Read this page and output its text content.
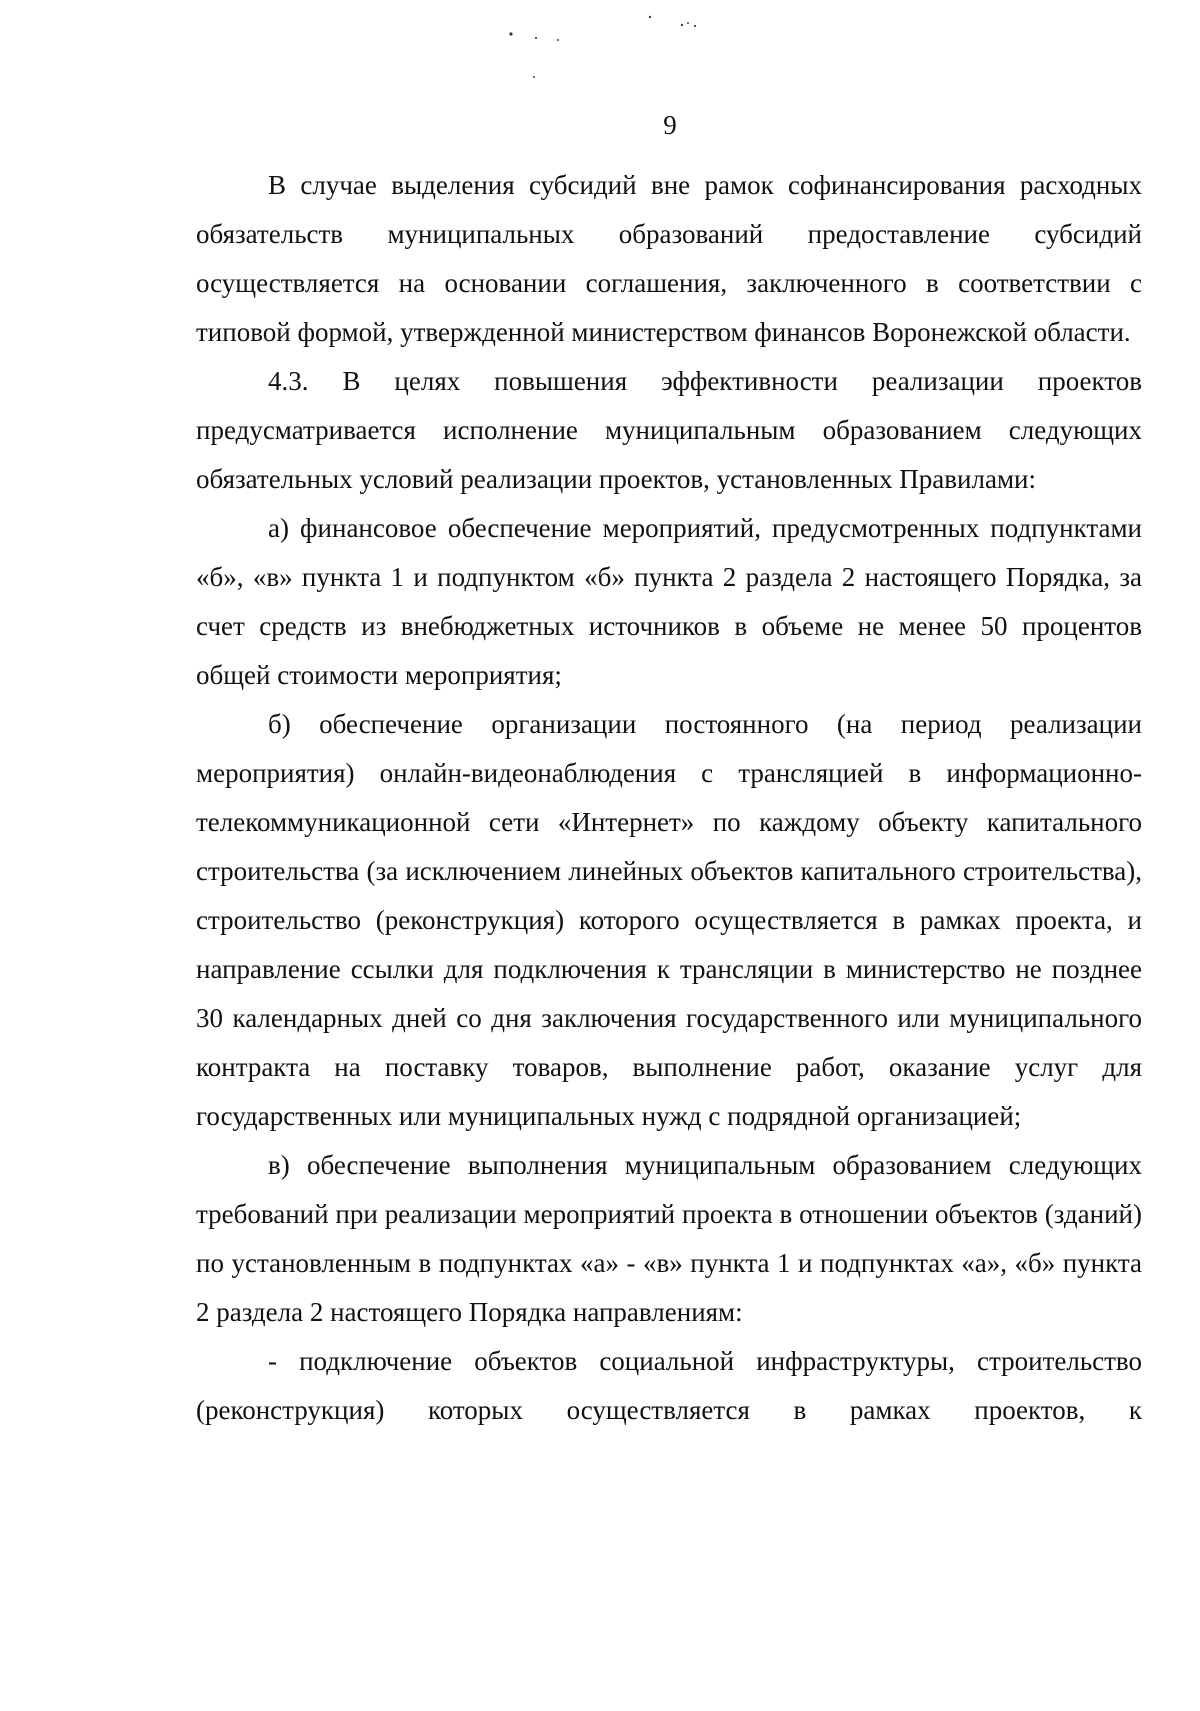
9

В случае выделения субсидий вне рамок софинансирования расходных обязательств муниципальных образований предоставление субсидий осуществляется на основании соглашения, заключенного в соответствии с типовой формой, утвержденной министерством финансов Воронежской области.

4.3. В целях повышения эффективности реализации проектов предусматривается исполнение муниципальным образованием следующих обязательных условий реализации проектов, установленных Правилами:

а) финансовое обеспечение мероприятий, предусмотренных подпунктами «б», «в» пункта 1 и подпунктом «б» пункта 2 раздела 2 настоящего Порядка, за счет средств из внебюджетных источников в объеме не менее 50 процентов общей стоимости мероприятия;

б) обеспечение организации постоянного (на период реализации мероприятия) онлайн-видеонаблюдения с трансляцией в информационно-телекоммуникационной сети «Интернет» по каждому объекту капитального строительства (за исключением линейных объектов капитального строительства), строительство (реконструкция) которого осуществляется в рамках проекта, и направление ссылки для подключения к трансляции в министерство не позднее 30 календарных дней со дня заключения государственного или муниципального контракта на поставку товаров, выполнение работ, оказание услуг для государственных или муниципальных нужд с подрядной организацией;

в) обеспечение выполнения муниципальным образованием следующих требований при реализации мероприятий проекта в отношении объектов (зданий) по установленным в подпунктах «а» - «в» пункта 1 и подпунктах «а», «б» пункта 2 раздела 2 настоящего Порядка направлениям:

- подключение объектов социальной инфраструктуры, строительство (реконструкция) которых осуществляется в рамках проектов, к
